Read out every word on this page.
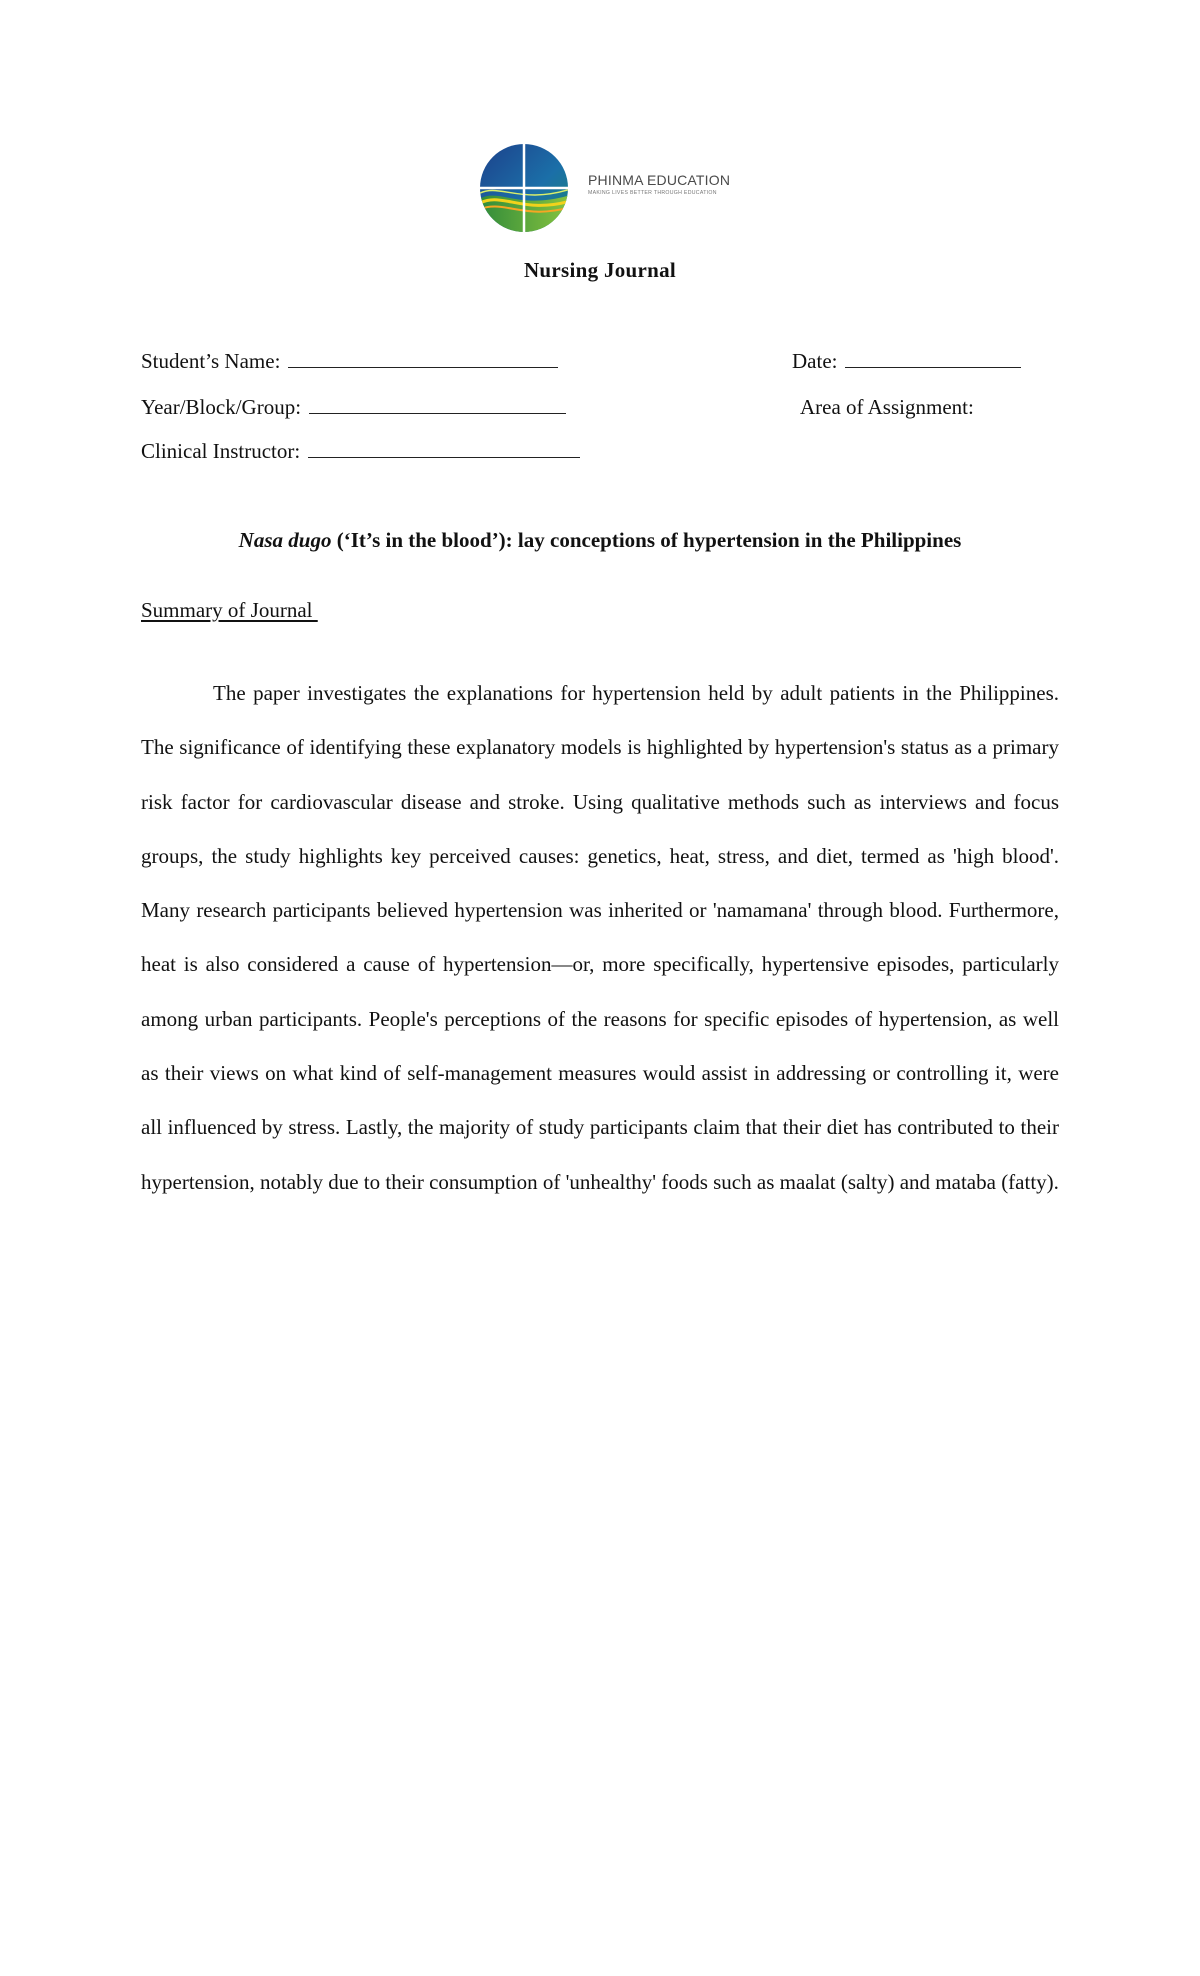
PHINMA EDUCATION
MAKING LIVES BETTER THROUGH EDUCATION
Nursing Journal
Student’s Name:	Date:
Year/Block/Group:	Area of Assignment:
Clinical Instructor:
Nasa dugo (‘It’s in the blood’): lay conceptions of hypertension in the Philippines
Summary of Journal

The paper investigates the explanations for hypertension held by adult patients in the Philippines. The significance of identifying these explanatory models is highlighted by hypertension's status as a primary risk factor for cardiovascular disease and stroke. Using qualitative methods such as interviews and focus groups, the study highlights key perceived causes: genetics, heat, stress, and diet, termed as 'high blood'. Many research participants believed hypertension was inherited or 'namamana' through blood. Furthermore, heat is also considered a cause of hypertension—or, more specifically, hypertensive episodes, particularly among urban participants. People's perceptions of the reasons for specific episodes of hypertension, as well as their views on what kind of self-management measures would assist in addressing or controlling it, were all influenced by stress. Lastly, the majority of study participants claim that their diet has contributed to their hypertension, notably due to their consumption of 'unhealthy' foods such as maalat (salty) and mataba (fatty).
